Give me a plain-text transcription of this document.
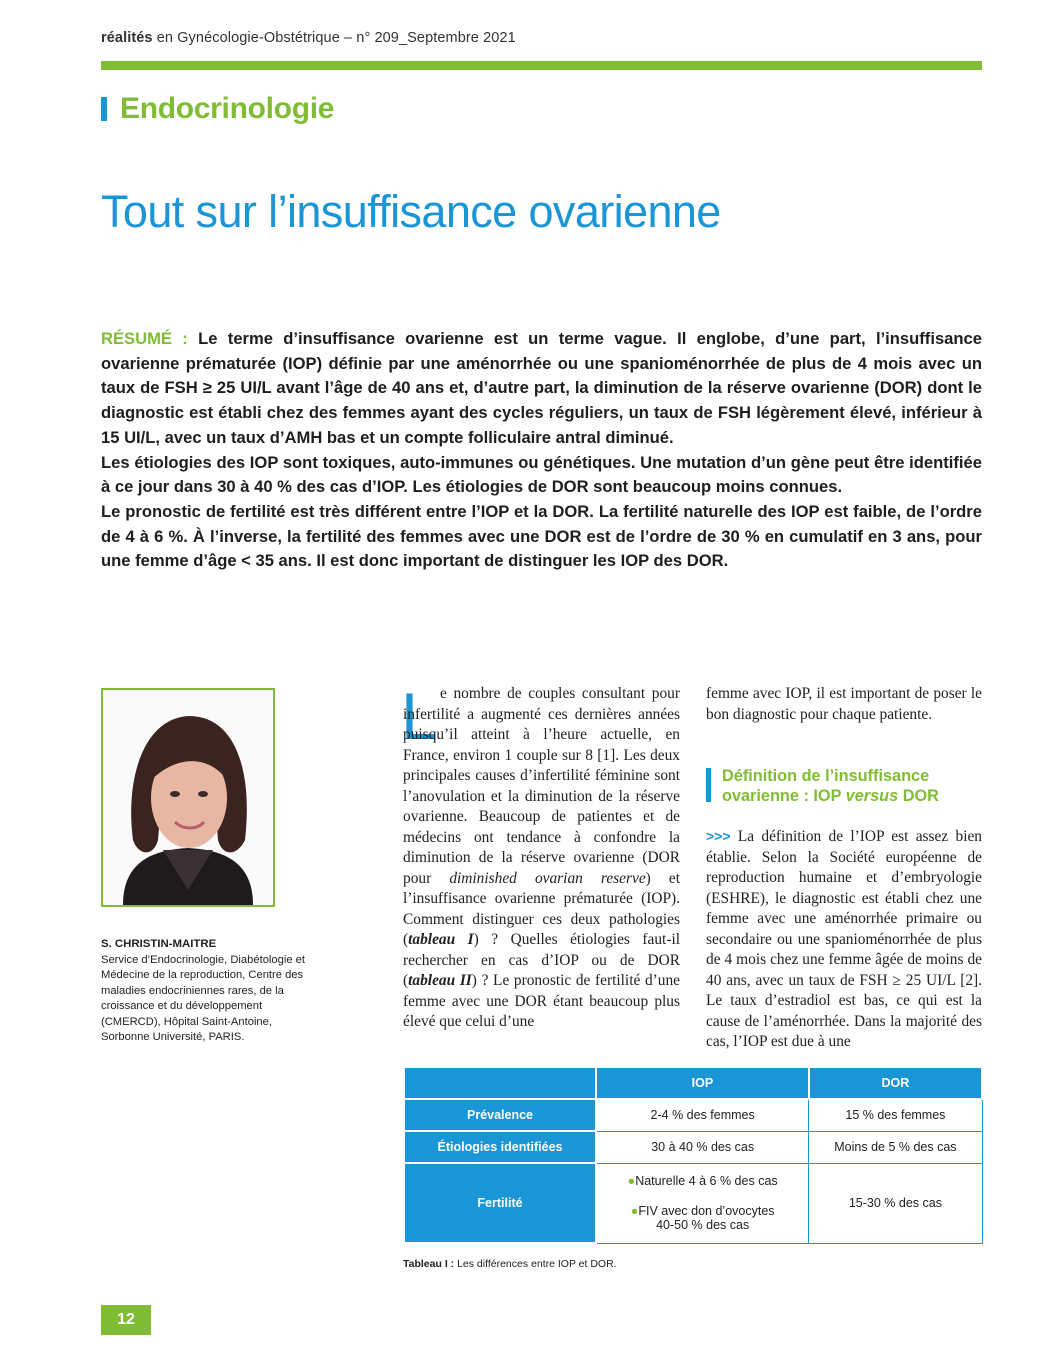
réalités en Gynécologie-Obstétrique – n° 209_Septembre 2021
Endocrinologie
Tout sur l’insuffisance ovarienne

RÉSUMÉ : Le terme d’insuffisance ovarienne est un terme vague. Il englobe, d’une part, l’insuffisance ovarienne prématurée (IOP) définie par une aménorrhée ou une spanioménorrhée de plus de 4 mois avec un taux de FSH ≥ 25 UI/L avant l’âge de 40 ans et, d’autre part, la diminution de la réserve ovarienne (DOR) dont le diagnostic est établi chez des femmes ayant des cycles réguliers, un taux de FSH légèrement élevé, inférieur à 15 UI/L, avec un taux d’AMH bas et un compte folliculaire antral diminué.

Les étiologies des IOP sont toxiques, auto-immunes ou génétiques. Une mutation d’un gène peut être identifiée à ce jour dans 30 à 40 % des cas d’IOP. Les étiologies de DOR sont beaucoup moins connues.

Le pronostic de fertilité est très différent entre l’IOP et la DOR. La fertilité naturelle des IOP est faible, de l’ordre de 4 à 6 %. À l’inverse, la fertilité des femmes avec une DOR est de l’ordre de 30 % en cumulatif en 3 ans, pour une femme d’âge < 35 ans. Il est donc important de distinguer les IOP des DOR.

S. CHRISTIN-MAITRE
Service d’Endocrinologie, Diabétologie et Médecine de la reproduction, Centre des maladies endocriniennes rares, de la croissance et du développement (CMERCD), Hôpital Saint-Antoine, Sorbonne Université, PARIS.
L e nombre de couples consultant pour infertilité a augmenté ces dernières années puisqu’il atteint à l’heure actuelle, en France, environ 1 couple sur 8 [1]. Les deux principales causes d’infertilité féminine sont l’anovulation et la diminution de la réserve ovarienne. Beaucoup de patientes et de médecins ont tendance à confondre la diminution de la réserve ovarienne (DOR pour diminished ovarian reserve) et l’insuffisance ovarienne prématurée (IOP). Comment distinguer ces deux pathologies (tableau I) ? Quelles étiologies faut-il rechercher en cas d’IOP ou de DOR (tableau II) ? Le pronostic de fertilité d’une femme avec une DOR étant beaucoup plus élevé que celui d’une

femme avec IOP, il est important de poser le bon diagnostic pour chaque patiente.

Définition de l’insuffisance
ovarienne : IOP versus DOR

>>> La définition de l’IOP est assez bien établie. Selon la Société européenne de reproduction humaine et d’embryologie (ESHRE), le diagnostic est établi chez une femme avec une aménorrhée primaire ou secondaire ou une spanioménorrhée de plus de 4 mois chez une femme âgée de moins de 40 ans, avec un taux de FSH ≥ 25 UI/L [2]. Le taux d’estradiol est bas, ce qui est la cause de l’aménorrhée. Dans la majorité des cas, l’IOP est due à une

	IOP	DOR
Prévalence	2-4 % des femmes	15 % des femmes
Étiologies identifiées	30 à 40 % des cas	Moins de 5 % des cas
Fertilité	●Naturelle 4 à 6 % des cas
●FIV avec don d’ovocytes
40-50 % des cas	15-30 % des cas
Tableau I : Les différences entre IOP et DOR.
12
